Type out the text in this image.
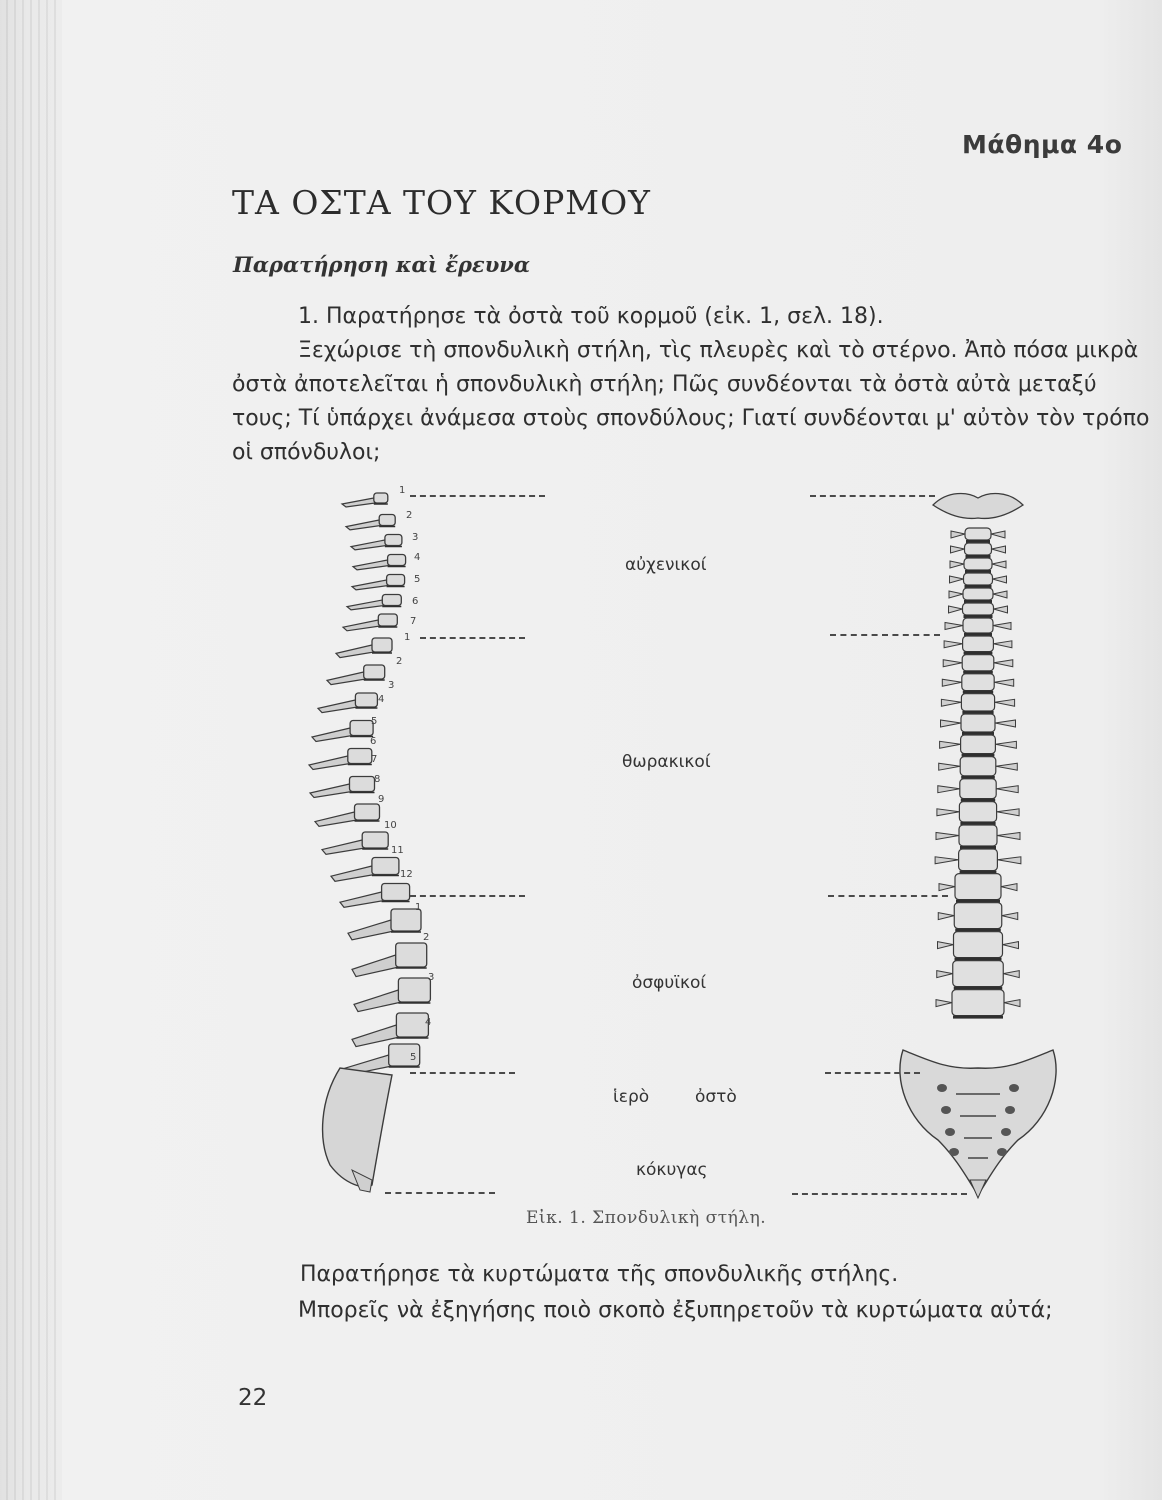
Μάθημα 4ο
ΤΑ ΟΣΤΑ ΤΟΥ ΚΟΡΜΟΥ
Παρατήρηση καὶ ἔρευνα

1. Παρατήρησε τὰ ὀστὰ τοῦ κορμοῦ (εἰκ. 1, σελ. 18).

Ξεχώρισε τὴ σπονδυλικὴ στήλη, τὶς πλευρὲς καὶ τὸ στέρνο. Ἀπὸ πόσα μικρὰ ὀστὰ ἀποτελεῖται ἡ σπονδυλικὴ στήλη; Πῶς συνδέονται τὰ ὀστὰ αὐτὰ μεταξύ τους; Τί ὑπάρχει ἀνάμεσα στοὺς σπονδύλους; Γιατί συνδέονται μ' αὐτὸν τὸν τρόπο οἱ σπόνδυλοι;

1
2
3
4
5
6
7
1
2
3
4
5
6
7
8
9
10
11
12
1
2
3
4
5
αὐχενικοί
θωρακικοί
ὀσφυϊκοί
ἱερὸ	ὀστὸ
κόκυγας
Εἰκ. 1. Σπονδυλικὴ στήλη.
Παρατήρησε τὰ κυρτώματα τῆς σπονδυλικῆς στήλης.
Μπορεῖς νὰ ἐξηγήσης ποιὸ σκοπὸ ἐξυπηρετοῦν τὰ κυρτώματα αὐτά;
22
